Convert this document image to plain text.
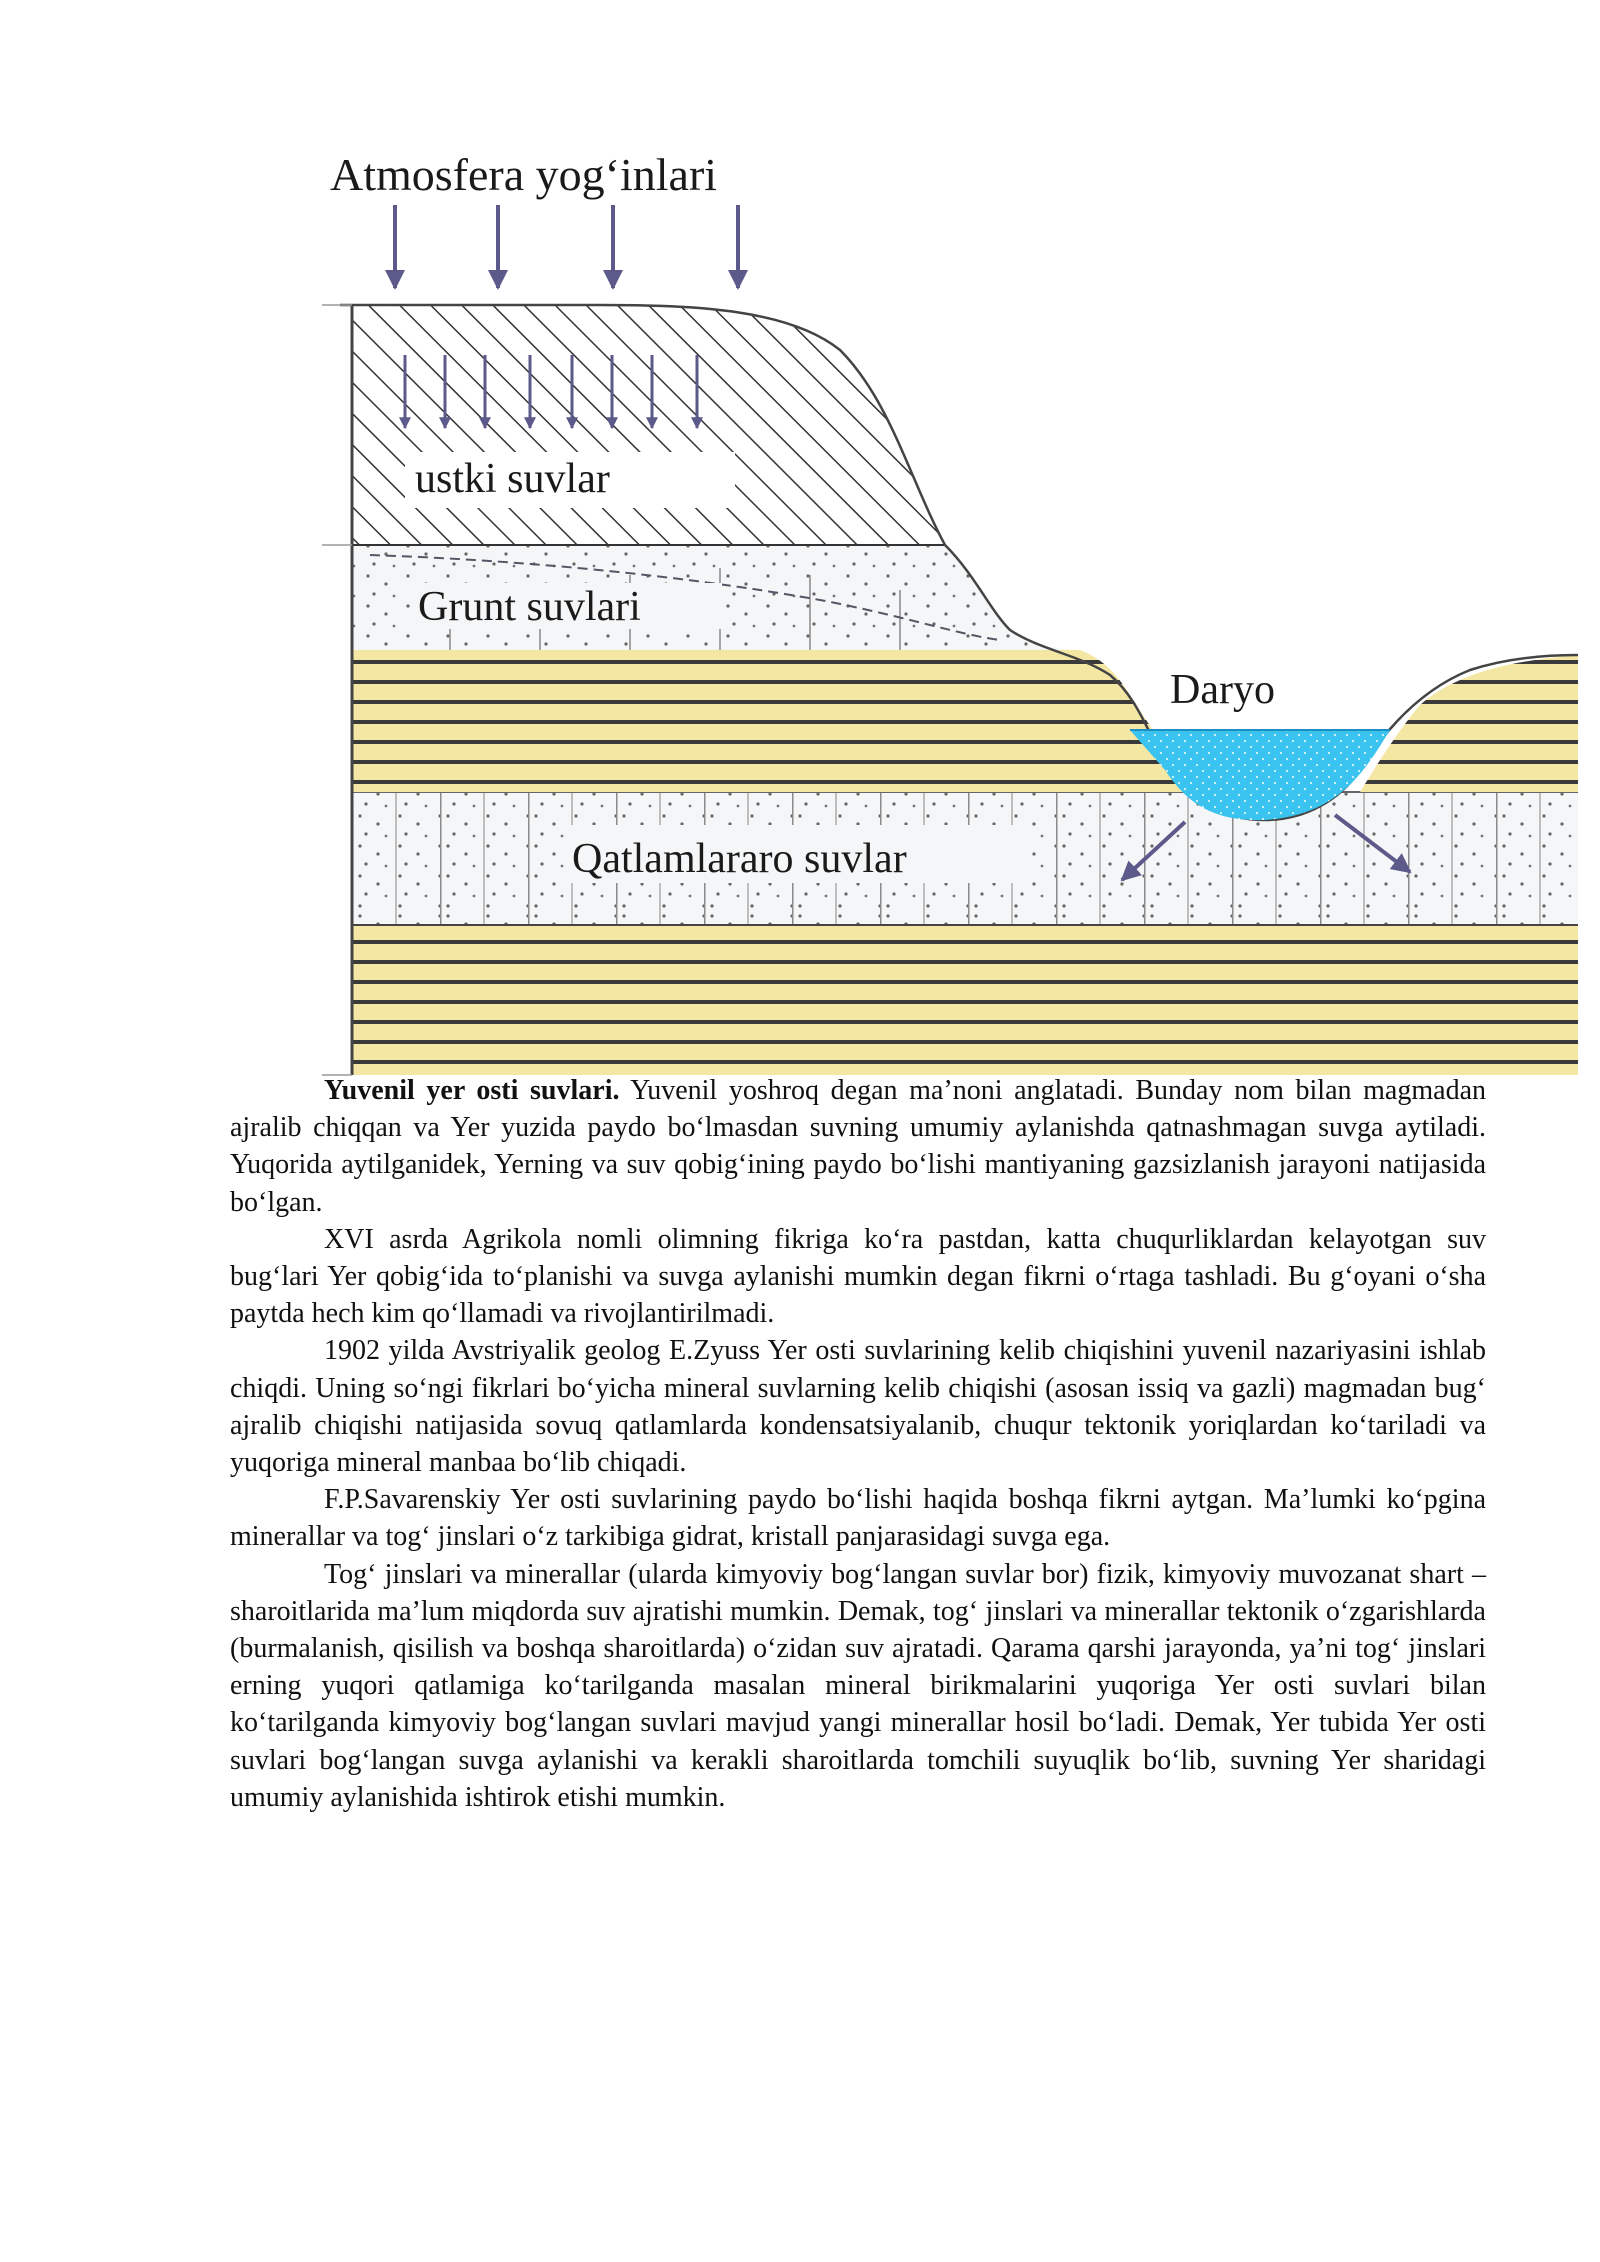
Atmosfera yog‘inlari
ustki suvlar
Grunt suvlari
Daryo
Qatlamlararo suvlar

Yuvenil yer osti suvlari. Yuvenil yoshroq degan ma’noni anglatadi. Bunday nom bilan magmadan ajralib chiqqan va Yer yuzida paydo bo‘lmasdan suvning umumiy aylanishda qatnashmagan suvga aytiladi. Yuqorida aytilganidek, Yerning va suv qobig‘ining paydo bo‘lishi mantiyaning gazsizlanish jarayoni natijasida bo‘lgan.

XVI asrda Agrikola nomli olimning fikriga ko‘ra pastdan, katta chuqurliklardan kelayotgan suv bug‘lari Yer qobig‘ida to‘planishi va suvga aylanishi mumkin degan fikrni o‘rtaga tashladi. Bu g‘oyani o‘sha paytda hech kim qo‘llamadi va rivojlantirilmadi.

1902 yilda Avstriyalik geolog E.Zyuss Yer osti suvlarining kelib chiqishini yuvenil nazariyasini ishlab chiqdi. Uning so‘ngi fikrlari bo‘yicha mineral suvlarning kelib chiqishi (asosan issiq va gazli) magmadan bug‘ ajralib chiqishi natijasida sovuq qatlamlarda kondensatsiyalanib, chuqur tektonik yoriqlardan ko‘tariladi va yuqoriga mineral manbaa bo‘lib chiqadi.

F.P.Savarenskiy Yer osti suvlarining paydo bo‘lishi haqida boshqa fikrni aytgan. Ma’lumki ko‘pgina minerallar va tog‘ jinslari o‘z tarkibiga gidrat, kristall panjarasidagi suvga ega.

Tog‘ jinslari va minerallar (ularda kimyoviy bog‘langan suvlar bor) fizik, kimyoviy muvozanat shart – sharoitlarida ma’lum miqdorda suv ajratishi mumkin. Demak, tog‘ jinslari va minerallar tektonik o‘zgarishlarda (burmalanish, qisilish va boshqa sharoitlarda) o‘zidan suv ajratadi. Qarama qarshi jarayonda, ya’ni tog‘ jinslari erning yuqori qatlamiga ko‘tarilganda masalan mineral birikmalarini yuqoriga Yer osti suvlari bilan ko‘tarilganda kimyoviy bog‘langan suvlari mavjud yangi minerallar hosil bo‘ladi. Demak, Yer tubida Yer osti suvlari bog‘langan suvga aylanishi va kerakli sharoitlarda tomchili suyuqlik bo‘lib, suvning Yer sharidagi umumiy aylanishida ishtirok etishi mumkin.
